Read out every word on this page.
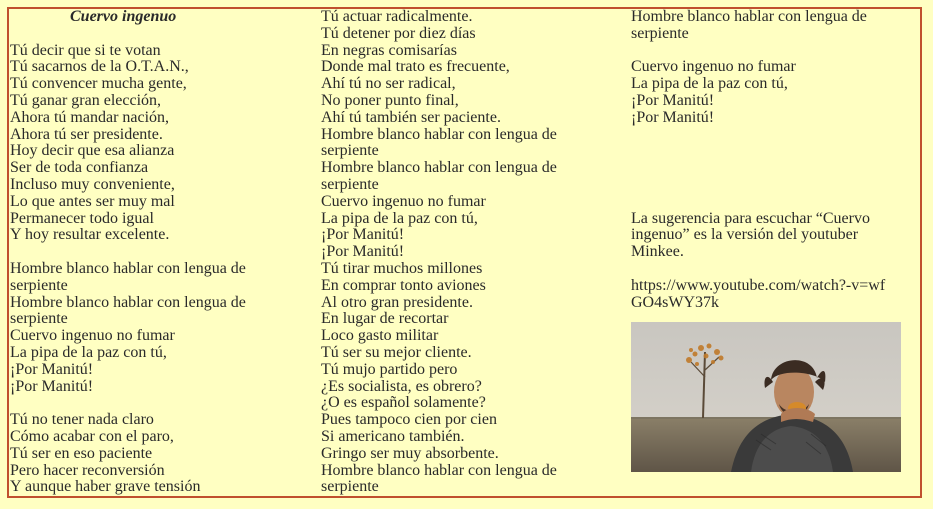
Cuervo ingenuo
Tú decir que si te votan
Tú sacarnos de la O.T.A.N.,
Tú convencer mucha gente,
Tú ganar gran elección,
Ahora tú mandar nación,
Ahora tú ser presidente.
Hoy decir que esa alianza
Ser de toda confianza
Incluso muy conveniente,
Lo que antes ser muy mal
Permanecer todo igual
Y hoy resultar excelente.
Hombre blanco hablar con lengua de serpiente
Hombre blanco hablar con lengua de serpiente
Cuervo ingenuo no fumar
La pipa de la paz con tú,
¡Por Manitú!
¡Por Manitú!
Tú no tener nada claro
Cómo acabar con el paro,
Tú ser en eso paciente
Pero hacer reconversión
Y aunque haber grave tensión
Tú actuar radicalmente.
Tú detener por diez días
En negras comisarías
Donde mal trato es frecuente,
Ahí tú no ser radical,
No poner punto final,
Ahí tú también ser paciente.
Hombre blanco hablar con lengua de serpiente
Hombre blanco hablar con lengua de serpiente
Cuervo ingenuo no fumar
La pipa de la paz con tú,
¡Por Manitú!
¡Por Manitú!
Tú tirar muchos millones
En comprar tonto aviones
Al otro gran presidente.
En lugar de recortar
Loco gasto militar
Tú ser su mejor cliente.
Tú mujo partido pero
¿Es socialista, es obrero?
¿O es español solamente?
Pues tampoco cien por cien
Si americano también.
Gringo ser muy absorbente.
Hombre blanco hablar con lengua de serpiente
Hombre blanco hablar con lengua de serpiente
Cuervo ingenuo no fumar
La pipa de la paz con tú,
¡Por Manitú!
¡Por Manitú!
La sugerencia para escuchar “Cuervo ingenuo” es la versión del youtuber Minkee.
https://www.youtube.com/watch?-v=wfGO4sWY37k
